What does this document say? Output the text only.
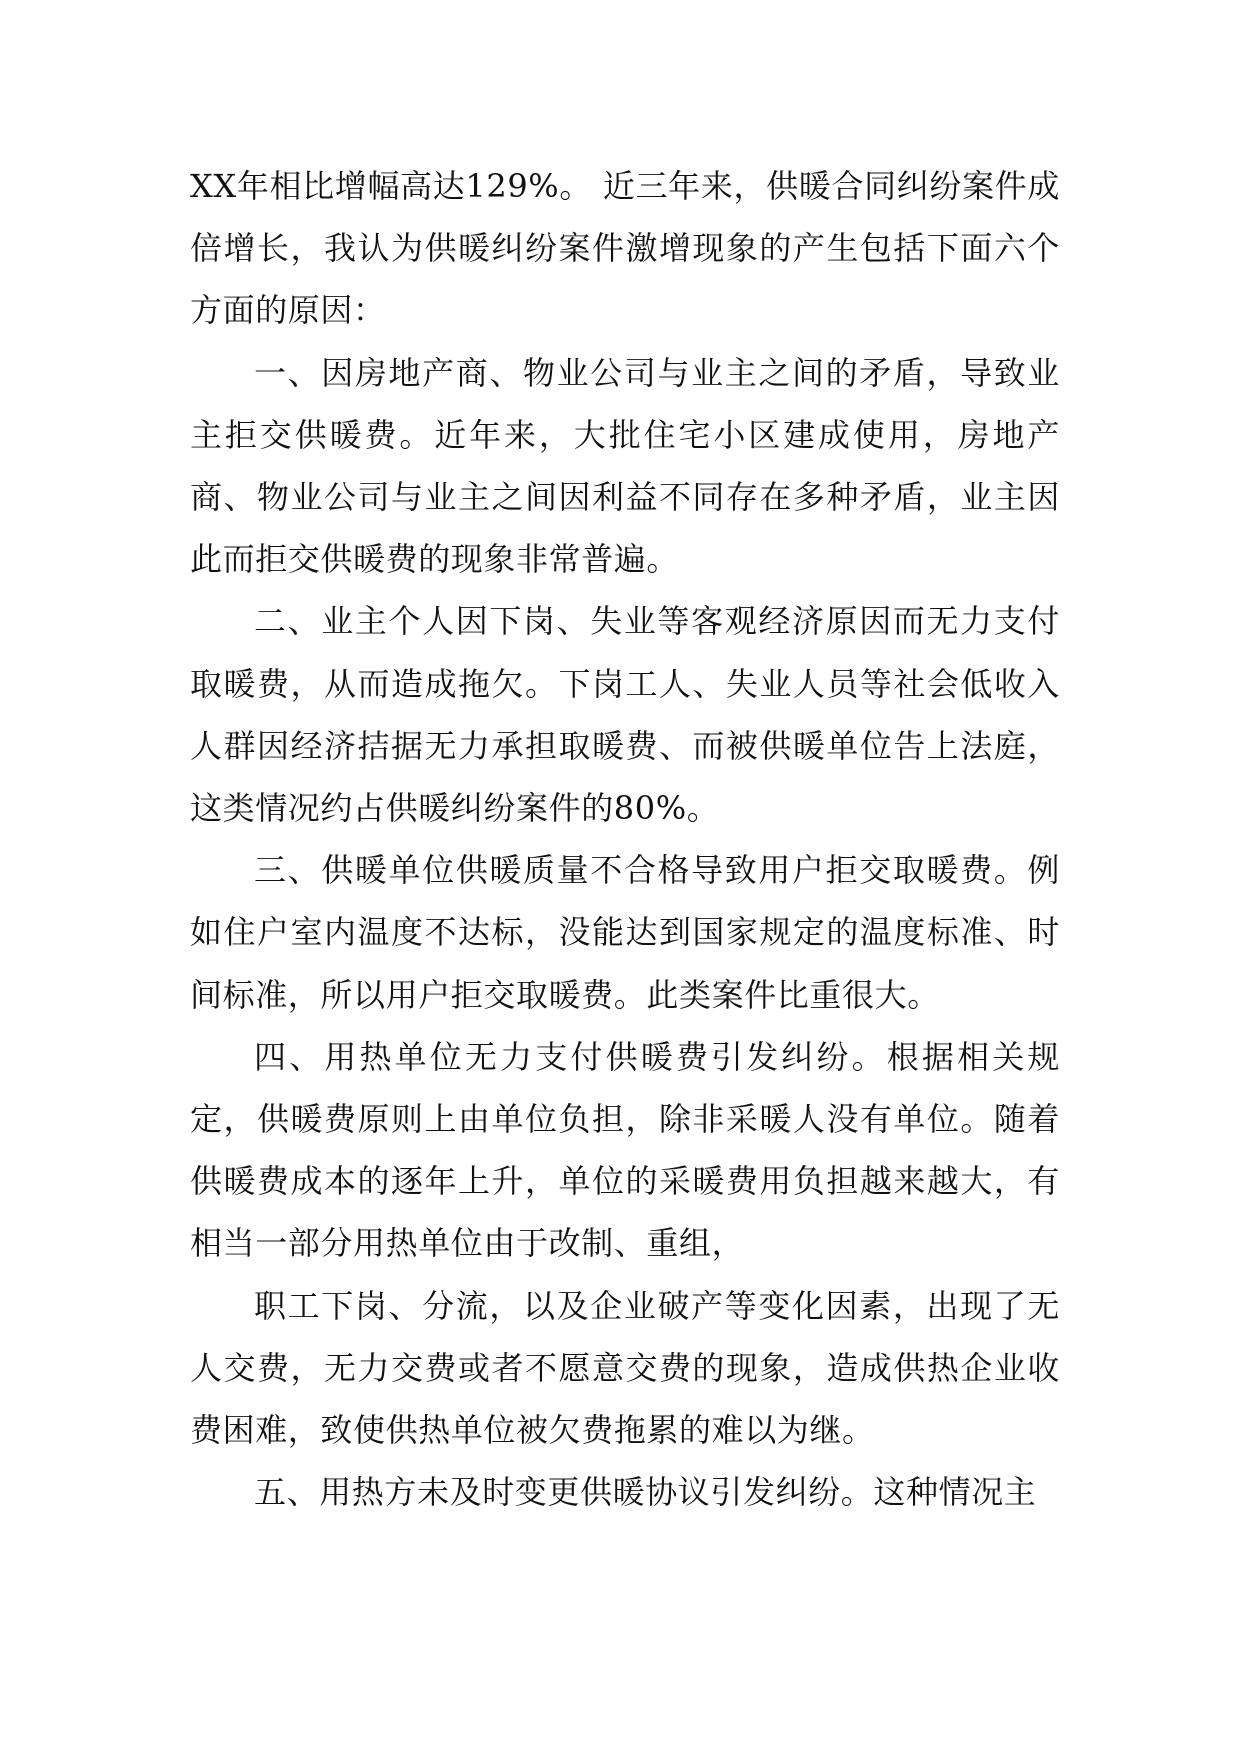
XX年相比增幅高达129%。 近三年来，供暖合同纠纷案件成倍增长，我认为供暖纠纷案件激增现象的产生包括下面六个方面的原因：

一、因房地产商、物业公司与业主之间的矛盾，导致业主拒交供暖费。近年来，大批住宅小区建成使用，房地产商、物业公司与业主之间因利益不同存在多种矛盾，业主因此而拒交供暖费的现象非常普遍。

二、业主个人因下岗、失业等客观经济原因而无力支付取暖费，从而造成拖欠。下岗工人、失业人员等社会低收入人群因经济拮据无力承担取暖费、而被供暖单位告上法庭，这类情况约占供暖纠纷案件的80%。

三、供暖单位供暖质量不合格导致用户拒交取暖费。例如住户室内温度不达标，没能达到国家规定的温度标准、时间标准，所以用户拒交取暖费。此类案件比重很大。

四、用热单位无力支付供暖费引发纠纷。根据相关规定，供暖费原则上由单位负担，除非采暖人没有单位。随着供暖费成本的逐年上升，单位的采暖费用负担越来越大，有相当一部分用热单位由于改制、重组，

职工下岗、分流，以及企业破产等变化因素，出现了无人交费，无力交费或者不愿意交费的现象，造成供热企业收费困难，致使供热单位被欠费拖累的难以为继。

五、用热方未及时变更供暖协议引发纠纷。这种情况主
